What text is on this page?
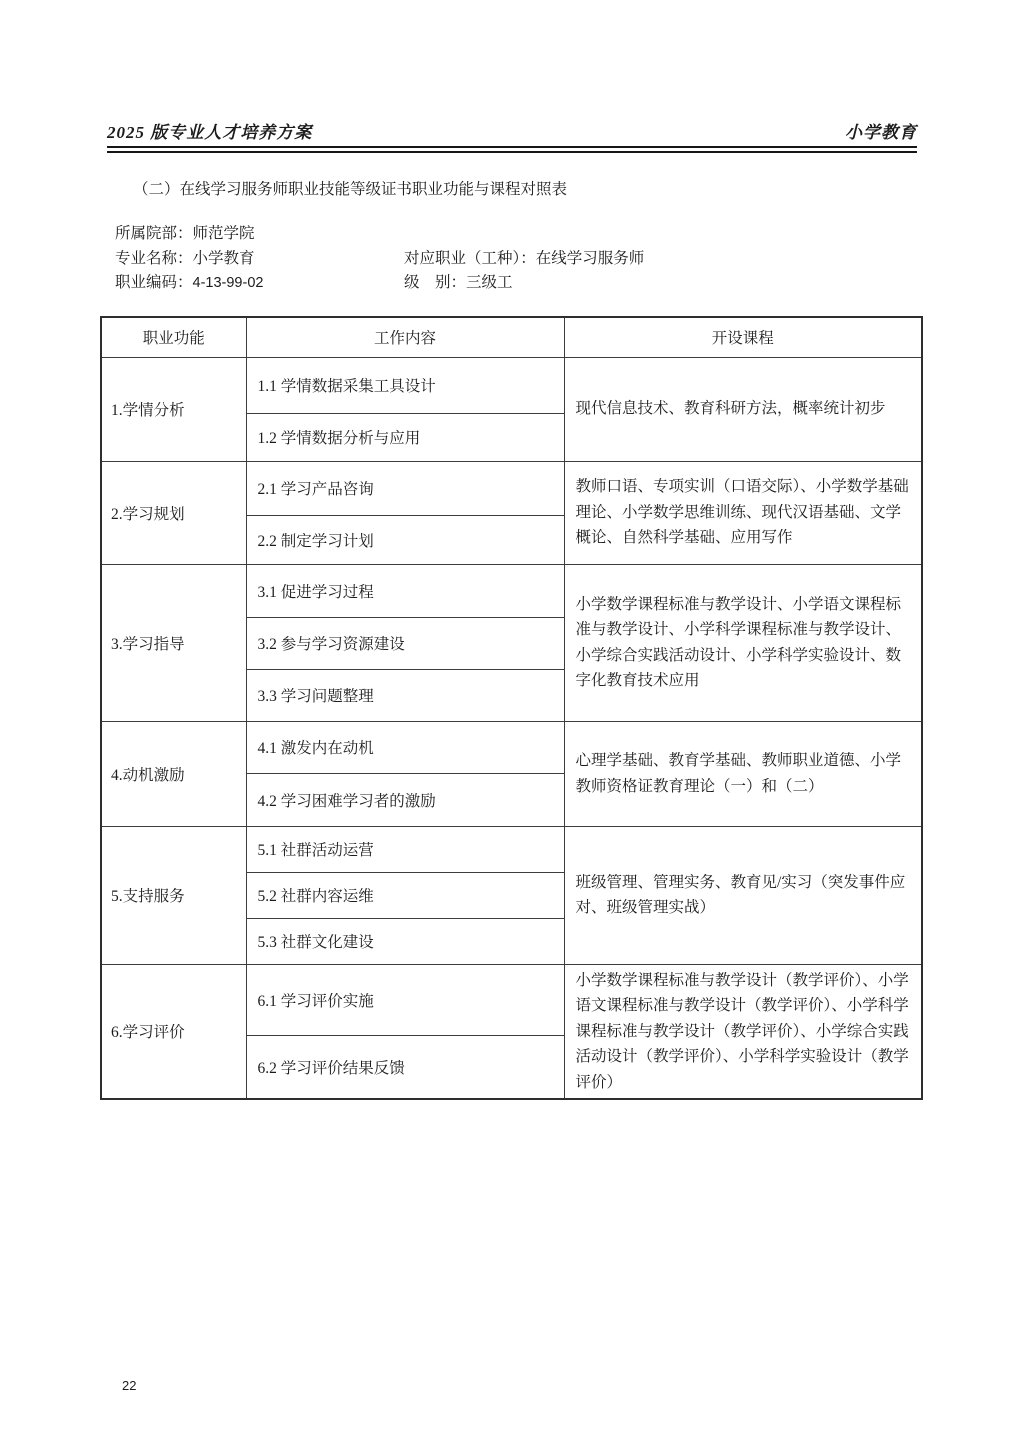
2025 版专业人才培养方案	小学教育
（二）在线学习服务师职业技能等级证书职业功能与课程对照表
所属院部：师范学院
专业名称：小学教育	对应职业（工种）：在线学习服务师
职业编码：4-13-99-02	级　别：三级工
职业功能	工作内容	开设课程
1.学情分析	1.1 学情数据采集工具设计	现代信息技术、教育科研方法，概率统计初步
	1.2 学情数据分析与应用	
2.学习规划	2.1 学习产品咨询	教师口语、专项实训（口语交际）、小学数学基础理论、小学数学思维训练、现代汉语基础、文学概论、自然科学基础、应用写作
	2.2 制定学习计划	
3.学习指导	3.1 促进学习过程	小学数学课程标准与教学设计、小学语文课程标准与教学设计、小学科学课程标准与教学设计、小学综合实践活动设计、小学科学实验设计、数字化教育技术应用
	3.2 参与学习资源建设	
	3.3 学习问题整理	
4.动机激励	4.1 激发内在动机	心理学基础、教育学基础、教师职业道德、小学教师资格证教育理论（一）和（二）
	4.2 学习困难学习者的激励	
5.支持服务	5.1 社群活动运营	班级管理、管理实务、教育见/实习（突发事件应对、班级管理实战）
	5.2 社群内容运维	
	5.3 社群文化建设	
6.学习评价	6.1 学习评价实施	小学数学课程标准与教学设计（教学评价）、小学语文课程标准与教学设计（教学评价）、小学科学课程标准与教学设计（教学评价）、小学综合实践活动设计（教学评价）、小学科学实验设计（教学评价）
	6.2 学习评价结果反馈	
22
